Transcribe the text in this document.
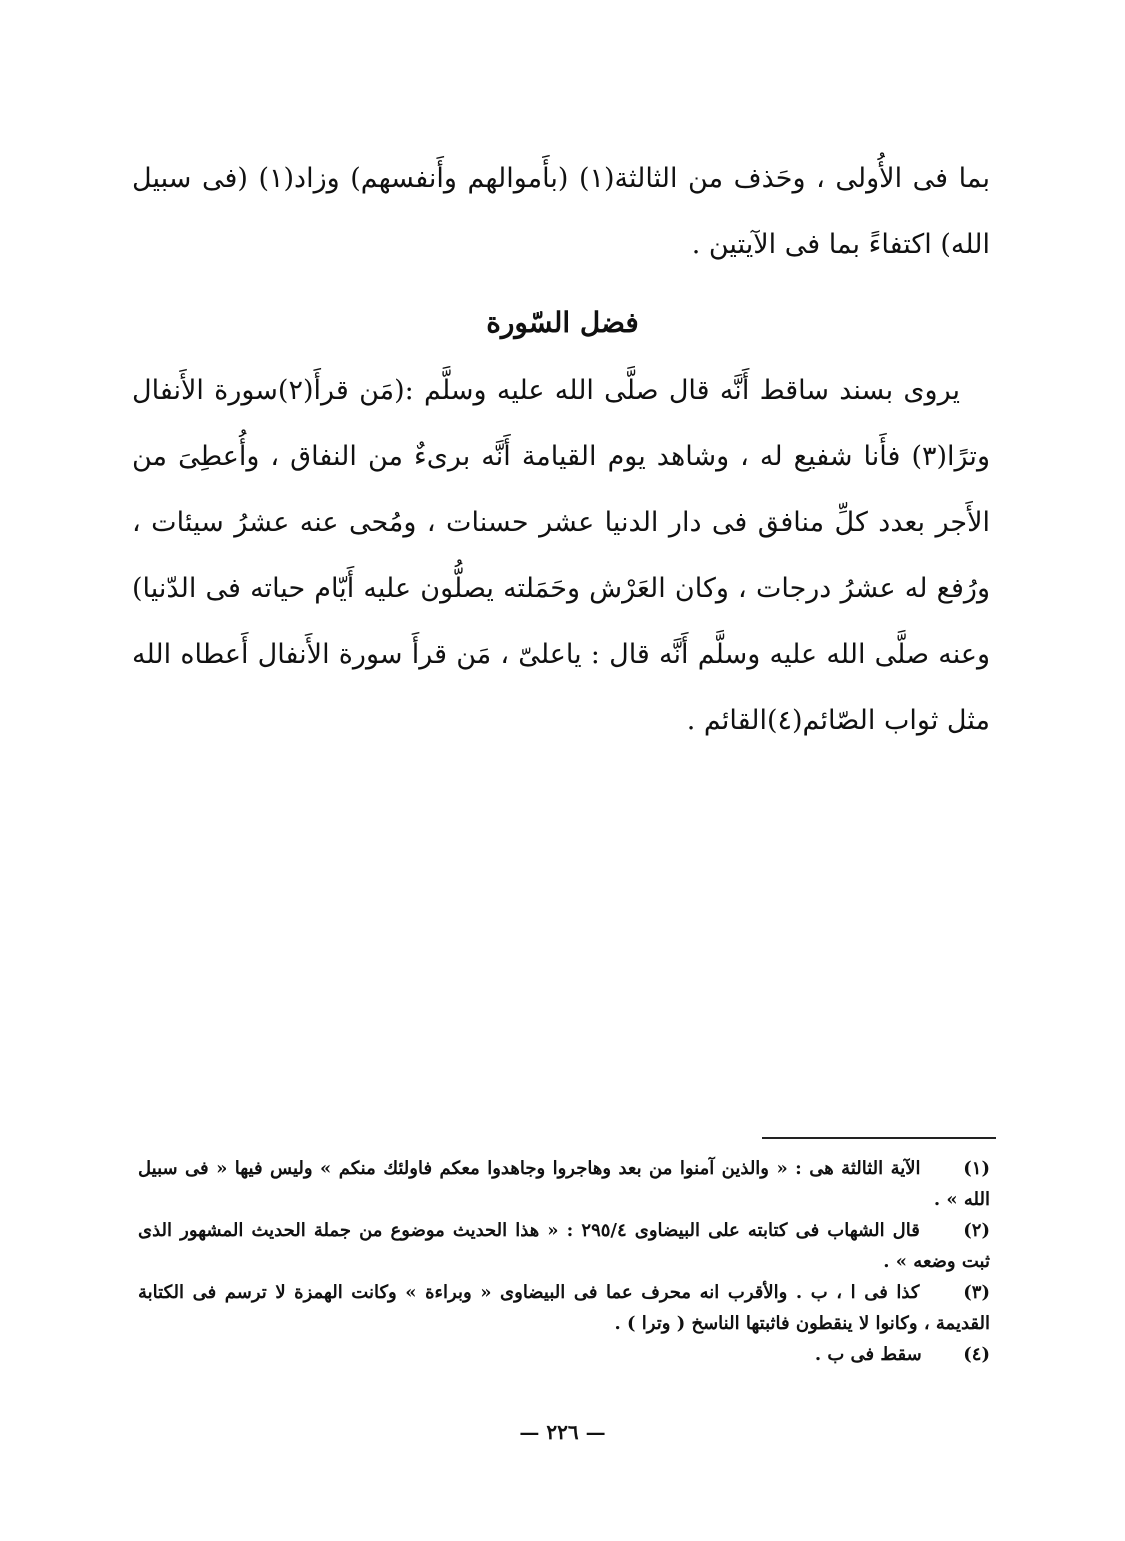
بما فى الأُولى ، وحَذف من الثالثة(١) (بأَموالهم وأَنفسهم) وزاد(١) (فى سبيل الله) اكتفاءً بما فى الآيتين .

فضل السّورة

يروى بسند ساقط أَنَّه قال صلَّى الله عليه وسلَّم :(مَن قرأَ(٢)سورة الأَنفال وترًا(٣) فأَنا شفيع له ، وشاهد يوم القيامة أَنَّه برىءٌ من النفاق ، وأُعطِىَ من الأَجر بعدد كلِّ منافق فى دار الدنيا عشر حسنات ، ومُحى عنه عشرُ سيئات ، ورُفع له عشرُ درجات ، وكان العَرْش وحَمَلته يصلُّون عليه أَيّام حياته فى الدّنيا) وعنه صلَّى الله عليه وسلَّم أَنَّه قال : ياعلىّ ، مَن قرأَ سورة الأَنفال أَعطاه الله مثل ثواب الصّائم(٤)القائم .

(١) الآية الثالثة هى : « والذين آمنوا من بعد وهاجروا وجاهدوا معكم فاولئك منكم » وليس فيها « فى سبيل الله » .

(٢) قال الشهاب فى كتابته على البيضاوى ٢٩٥/٤ : « هذا الحديث موضوع من جملة الحديث المشهور الذى ثبت وضعه » .

(٣) كذا فى ا ، ب . والأقرب انه محرف عما فى البيضاوى « وبراءة » وكانت الهمزة لا ترسم فى الكتابة القديمة ، وكانوا لا ينقطون فاثبتها الناسخ ( وترا ) .

(٤) سقط فى ب .

— ٢٢٦ —
